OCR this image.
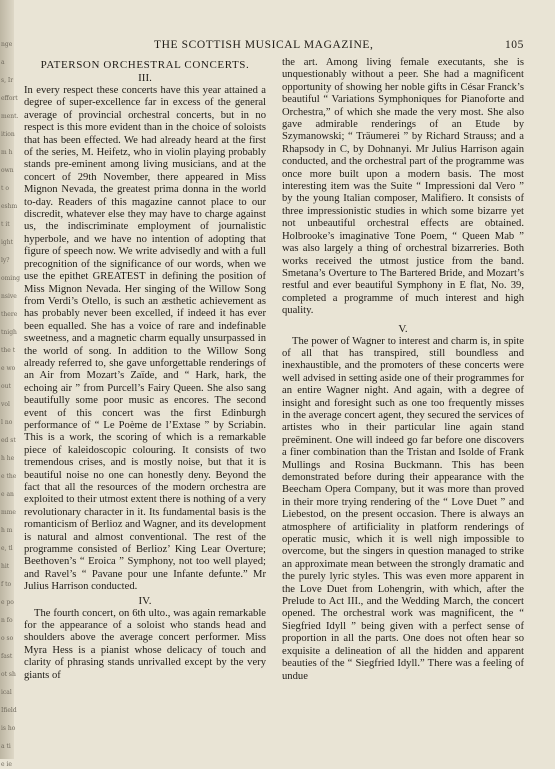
nge
a
s, Ir
effort
ment.
ition
m h
own
t o
eshm
t it
ight
ly?
oming
nsive
there
tnigh
the t
e wo
out
vol
l no
ed st
h he
e the
e an
mme
h m
e, tl
hit
f to
e po
n fo
o so
fast
ot sh
ical
Ifield
is ho
a ti
e ie
THE SCOTTISH MUSICAL MAGAZINE,	105
PATERSON ORCHESTRAL CONCERTS.
III.

In every respect these concerts have this year attained a degree of super-excellence far in excess of the general average of provincial orchestral concerts, but in no respect is this more evident than in the choice of soloists that has been effected. We had already heard at the first of the series, M. Heifetz, who in violin playing probably stands pre-eminent among living musicians, and at the concert of 29th November, there appeared in Miss Mignon Nevada, the greatest prima donna in the world to-day. Readers of this magazine cannot place to our discredit, whatever else they may have to charge against us, the indiscriminate employment of journalistic hyperbole, and we have no intention of adopting that figure of speech now. We write advisedly and with a full precognition of the significance of our words, when we use the epithet GREATEST in defining the position of Miss Mignon Nevada. Her singing of the Willow Song from Verdi’s Otello, is such an æsthetic achievement as has probably never been excelled, if indeed it has ever been equalled. She has a voice of rare and indefinable sweetness, and a magnetic charm equally unsurpassed in the world of song. In addition to the Willow Song already referred to, she gave unforgettable renderings of an Air from Mozart’s Zaïde, and “ Hark, hark, the echoing air ” from Purcell’s Fairy Queen. She also sang beautifully some poor music as encores. The second event of this concert was the first Edinburgh performance of “ Le Poème de l’Extase ” by Scriabin. This is a work, the scoring of which is a remarkable piece of kaleidoscopic colouring. It consists of two tremendous crises, and is mostly noise, but that it is beautiful noise no one can honestly deny. Beyond the fact that all the resources of the modern orchestra are exploited to their utmost extent there is nothing of a very revolutionary character in it. Its fundamental basis is the romanticism of Berlioz and Wagner, and its development is natural and almost conventional. The rest of the programme consisted of Berlioz’ King Lear Overture; Beethoven’s “ Eroica ” Symphony, not too well played; and Ravel’s “ Pavane pour une Infante defunte.” Mr Julius Harrison conducted.

IV.

The fourth concert, on 6th ulto., was again remarkable for the appearance of a soloist who stands head and shoulders above the average concert performer. Miss Myra Hess is a pianist whose delicacy of touch and clarity of phrasing stands unrivalled except by the very giants of

the art. Among living female executants, she is unquestionably without a peer. She had a magnificent opportunity of showing her noble gifts in César Franck’s beautiful “ Variations Symphoniques for Pianoforte and Orchestra,” of which she made the very most. She also gave admirable renderings of an Etude by Szymanowski; “ Träumerei ” by Richard Strauss; and a Rhapsody in C, by Dohnanyi. Mr Julius Harrison again conducted, and the orchestral part of the programme was once more built upon a modern basis. The most interesting item was the Suite “ Impressioni dal Vero ” by the young Italian composer, Malifiero. It consists of three impressionistic studies in which some bizarre yet not unbeautiful orchestral effects are obtained. Holbrooke’s imaginative Tone Poem, “ Queen Mab ” was also largely a thing of orchestral bizarreries. Both works received the utmost justice from the band. Smetana’s Overture to The Bartered Bride, and Mozart’s restful and ever beautiful Symphony in E flat, No. 39, completed a programme of much interest and high quality.

V.

The power of Wagner to interest and charm is, in spite of all that has transpired, still boundless and inexhaustible, and the promoters of these concerts were well advised in setting aside one of their programmes for an entire Wagner night. And again, with a degree of insight and foresight such as one too frequently misses in the average concert agent, they secured the services of artistes who in their particular line again stand preëminent. One will indeed go far before one discovers a finer combination than the Tristan and Isolde of Frank Mullings and Rosina Buckmann. This has been demonstrated before during their appearance with the Beecham Opera Company, but it was more than proved in their more trying rendering of the “ Love Duet ” and Liebestod, on the present occasion. There is always an atmosphere of artificiality in platform renderings of operatic music, which it is well nigh impossible to overcome, but the singers in question managed to strike an approximate mean between the strongly dramatic and the purely lyric styles. This was even more apparent in the Love Duet from Lohengrin, with which, after the Prelude to Act III., and the Wedding March, the concert opened. The orchestral work was magnificent, the “ Siegfried Idyll ” being given with a perfect sense of proportion in all the parts. One does not often hear so exquisite a delineation of all the hidden and apparent beauties of the “ Siegfried Idyll.” There was a feeling of undue
